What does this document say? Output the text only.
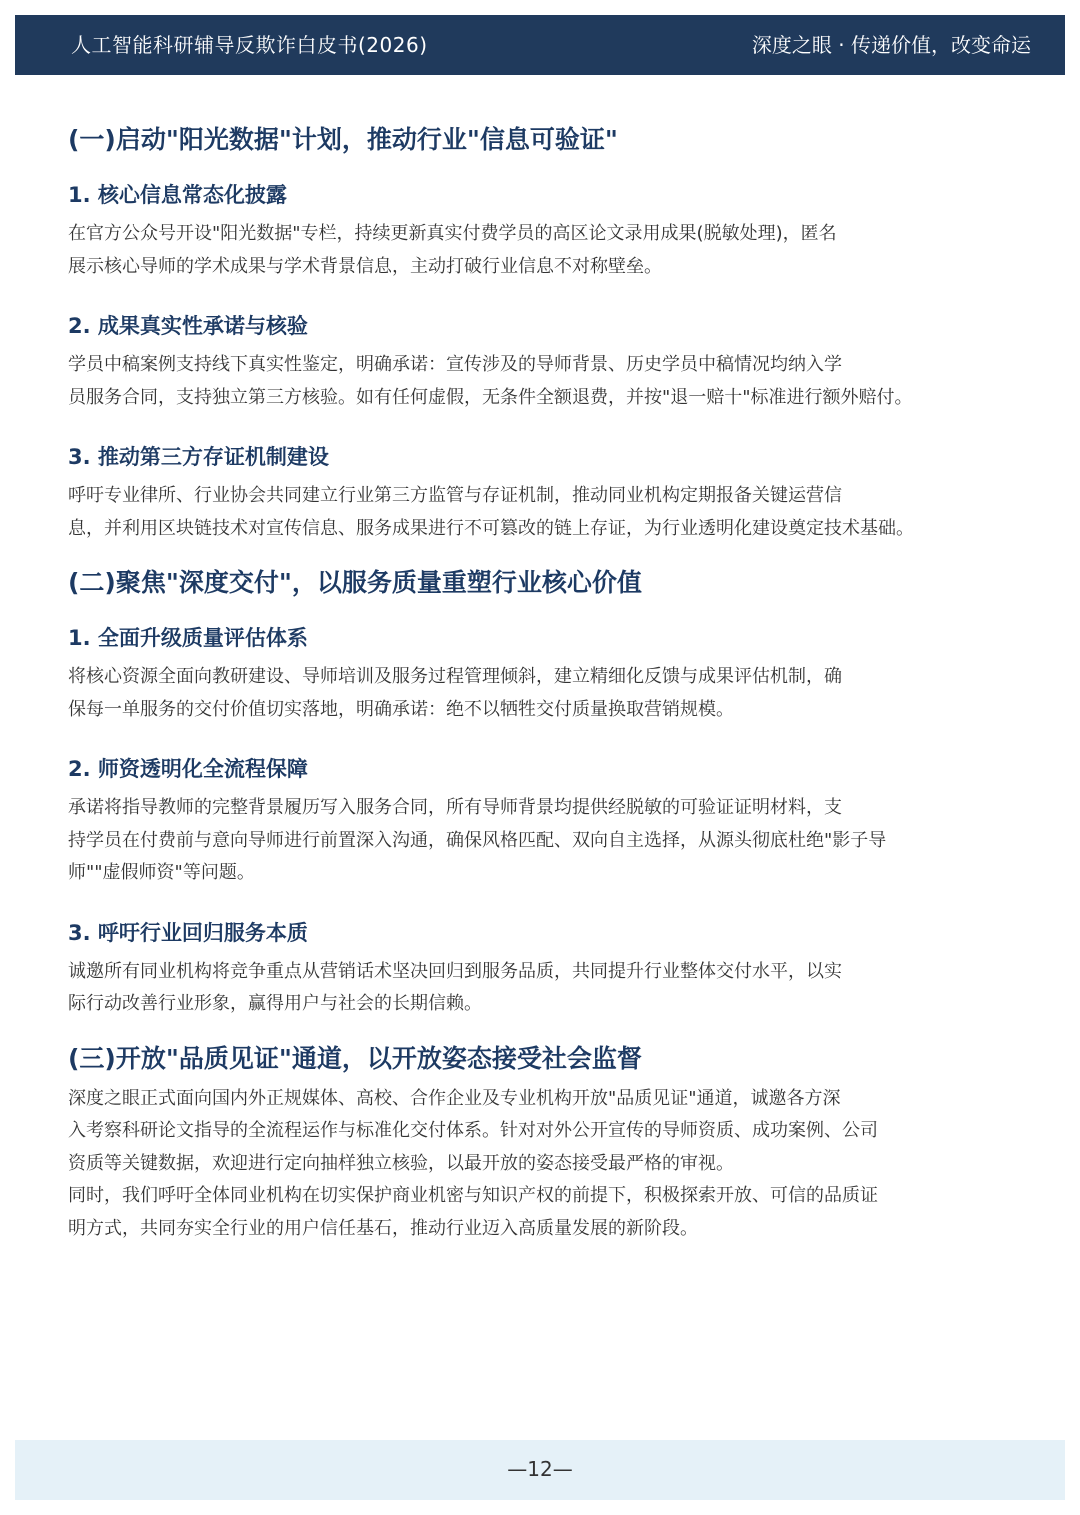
人工智能科研辅导反欺诈白皮书(2026)	深度之眼 · 传递价值，改变命运
(一)启动"阳光数据"计划，推动行业"信息可验证"
1. 核心信息常态化披露

在官方公众号开设"阳光数据"专栏，持续更新真实付费学员的高区论文录用成果(脱敏处理)，匿名
展示核心导师的学术成果与学术背景信息，主动打破行业信息不对称壁垒。

2. 成果真实性承诺与核验

学员中稿案例支持线下真实性鉴定，明确承诺：宣传涉及的导师背景、历史学员中稿情况均纳入学
员服务合同，支持独立第三方核验。如有任何虚假，无条件全额退费，并按"退一赔十"标准进行额外赔付。

3. 推动第三方存证机制建设

呼吁专业律所、行业协会共同建立行业第三方监管与存证机制，推动同业机构定期报备关键运营信
息，并利用区块链技术对宣传信息、服务成果进行不可篡改的链上存证，为行业透明化建设奠定技术基础。

(二)聚焦"深度交付"，以服务质量重塑行业核心价值
1. 全面升级质量评估体系

将核心资源全面向教研建设、导师培训及服务过程管理倾斜，建立精细化反馈与成果评估机制，确
保每一单服务的交付价值切实落地，明确承诺：绝不以牺牲交付质量换取营销规模。

2. 师资透明化全流程保障

承诺将指导教师的完整背景履历写入服务合同，所有导师背景均提供经脱敏的可验证证明材料，支
持学员在付费前与意向导师进行前置深入沟通，确保风格匹配、双向自主选择，从源头彻底杜绝"影子导
师""虚假师资"等问题。

3. 呼吁行业回归服务本质

诚邀所有同业机构将竞争重点从营销话术坚决回归到服务品质，共同提升行业整体交付水平，以实
际行动改善行业形象，赢得用户与社会的长期信赖。

(三)开放"品质见证"通道，以开放姿态接受社会监督

深度之眼正式面向国内外正规媒体、高校、合作企业及专业机构开放"品质见证"通道，诚邀各方深
入考察科研论文指导的全流程运作与标准化交付体系。针对对外公开宣传的导师资质、成功案例、公司
资质等关键数据，欢迎进行定向抽样独立核验，以最开放的姿态接受最严格的审视。

同时，我们呼吁全体同业机构在切实保护商业机密与知识产权的前提下，积极探索开放、可信的品质证
明方式，共同夯实全行业的用户信任基石，推动行业迈入高质量发展的新阶段。

—12—
